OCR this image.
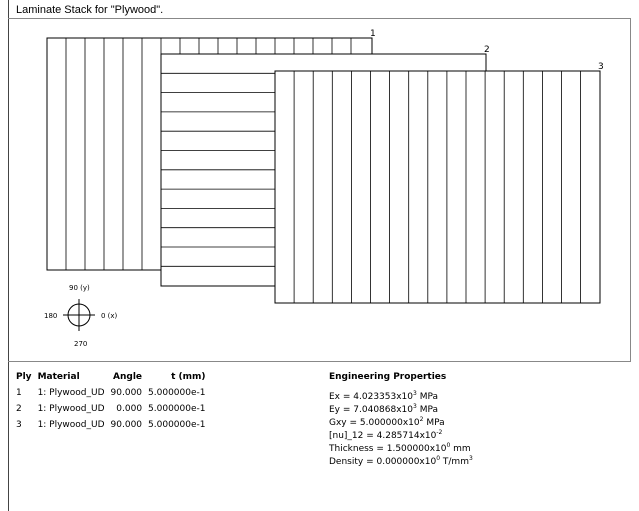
Laminate Stack for "Plywood".
1
2
3
90 (y)
180	0 (x)
270
Ply	Material	Angle	t (mm)
1	1: Plywood_UD	90.000	5.000000e-1
2	1: Plywood_UD	0.000	5.000000e-1
3	1: Plywood_UD	90.000	5.000000e-1
Engineering Properties
$Ex = 4.023353x10^3$ MPa
$Ey = 7.040868x10^3$ MPa
Gxy = $5.000000x10^2$ MPa
[nu]_12 = $4.285714x10^{-2}$
Thickness = $1.500000x10^0$ mm
Density = $0.000000x10^0$ $T/mm^3$
